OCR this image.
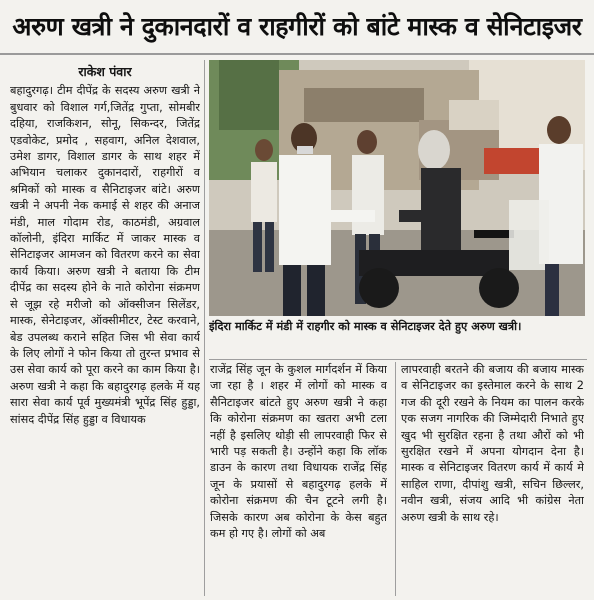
अरुण खत्री ने दुकानदारों व राहगीरों को बांटे मास्क व सेनिटाइजर
राकेश पंवार

बहादुरगढ़। टीम दीपेंद्र के सदस्य अरुण खत्री ने बुधवार को विशाल गर्ग,जितेंद्र गुप्ता, सोमबीर दहिया, राजकिशन, सोनू, सिकन्दर, जितेंद्र एडवोकेट, प्रमोद , सहवाग, अनिल देशवाल, उमेश डागर, विशाल डागर के साथ शहर में अभियान चलाकर दुकानदारों, राहगीरों व श्रमिकों को मास्क व सैनिटाइजर बांटे। अरुण खत्री ने अपनी नेक कमाई से शहर की अनाज मंडी, माल गोदाम रोड, काठमंडी, अग्रवाल कॉलोनी, इंदिरा मार्किट में जाकर मास्क व सेनिटाइजर आमजन को वितरण करने का सेवा कार्य किया। अरुण खत्री ने बताया कि टीम दीपेंद्र का सदस्य होने के नाते कोरोना संक्रमण से जूझ रहे मरीजो को ऑक्सीजन सिलेंडर, मास्क, सेनेटाइजर, ऑक्सीमीटर, टेस्ट करवाने, बेड उपलब्ध कराने सहित जिस भी सेवा कार्य के लिए लोगों ने फोन किया तो तुरन्त प्रभाव से उस सेवा कार्य को पूरा करने का काम किया है। अरुण खत्री ने कहा कि बहादुरगढ़ हलके में यह सारा सेवा कार्य पूर्व मुख्यमंत्री भूपेंद्र सिंह हुड्डा, सांसद दीपेंद्र सिंह हुड्डा व विधायक

इंदिरा मार्किट में मंडी में राहगीर को मास्क व सेनिटाइजर देते हुए अरुण खत्री।

राजेंद्र सिंह जून के कुशल मार्गदर्शन में किया जा रहा है । शहर में लोगों को मास्क व सैनिटाइजर बांटते हुए अरुण खत्री ने कहा कि कोरोना संक्रमण का खतरा अभी टला नहीं है इसलिए थोड़ी सी लापरवाही फिर से भारी पड़ सकती है। उन्होंने कहा कि लॉक डाउन के कारण तथा विधायक राजेंद्र सिंह जून के प्रयासों से बहादुरगढ़ हलके में कोरोना संक्रमण की चैन टूटने लगी है। जिसके कारण अब कोरोना के केस बहुत कम हो गए है। लोगों को अब

लापरवाही बरतने की बजाय की बजाय मास्क व सेनिटाइजर का इस्तेमाल करने के साथ 2 गज की दूरी रखने के नियम का पालन करके एक सजग नागरिक की जिम्मेदारी निभाते हुए खुद भी सुरक्षित रहना है तथा औरों को भी सुरक्षित रखने में अपना योगदान देना है। मास्क व सेनिटाइजर वितरण कार्य में कार्य मे साहिल राणा, दीपांशु खत्री, सचिन छिल्लर, नवीन खत्री, संजय आदि भी कांग्रेस नेता अरुण खत्री के साथ रहे।
